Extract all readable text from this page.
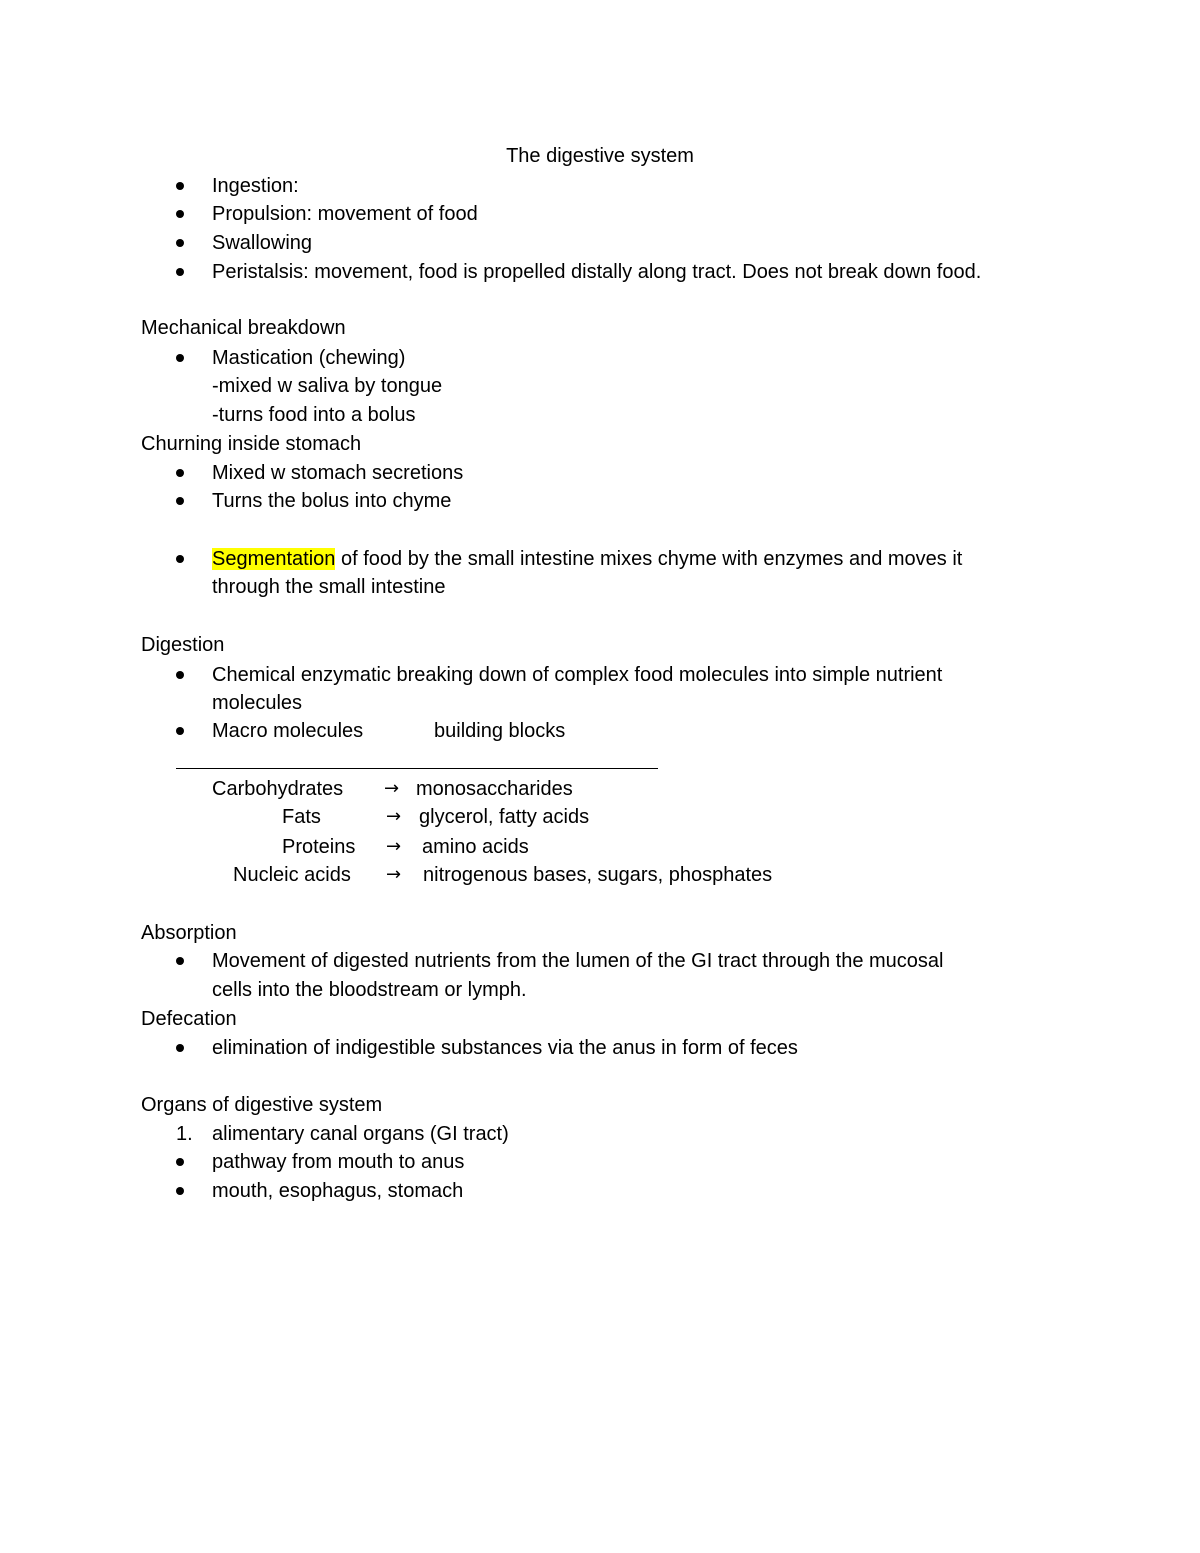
The digestive system
Ingestion:
Propulsion: movement of food
Swallowing
Peristalsis: movement, food is propelled distally along tract. Does not break down food.
Mechanical breakdown
Mastication (chewing)
-mixed w saliva by tongue
-turns food into a bolus
Churning inside stomach
Mixed w stomach secretions
Turns the bolus into chyme
Segmentation of food by the small intestine mixes chyme with enzymes and moves it
through the small intestine
Digestion
Chemical enzymatic breaking down of complex food molecules into simple nutrient
molecules
Macro molecules	building blocks
Carbohydrates → monosaccharides
Fats	→ glycerol, fatty acids
Proteins → amino acids
Nucleic acids → nitrogenous bases, sugars, phosphates
Absorption
Movement of digested nutrients from the lumen of the GI tract through the mucosal
cells into the bloodstream or lymph.
Defecation
elimination of indigestible substances via the anus in form of feces
Organs of digestive system
1. alimentary canal organs (GI tract)
pathway from mouth to anus
mouth, esophagus, stomach
